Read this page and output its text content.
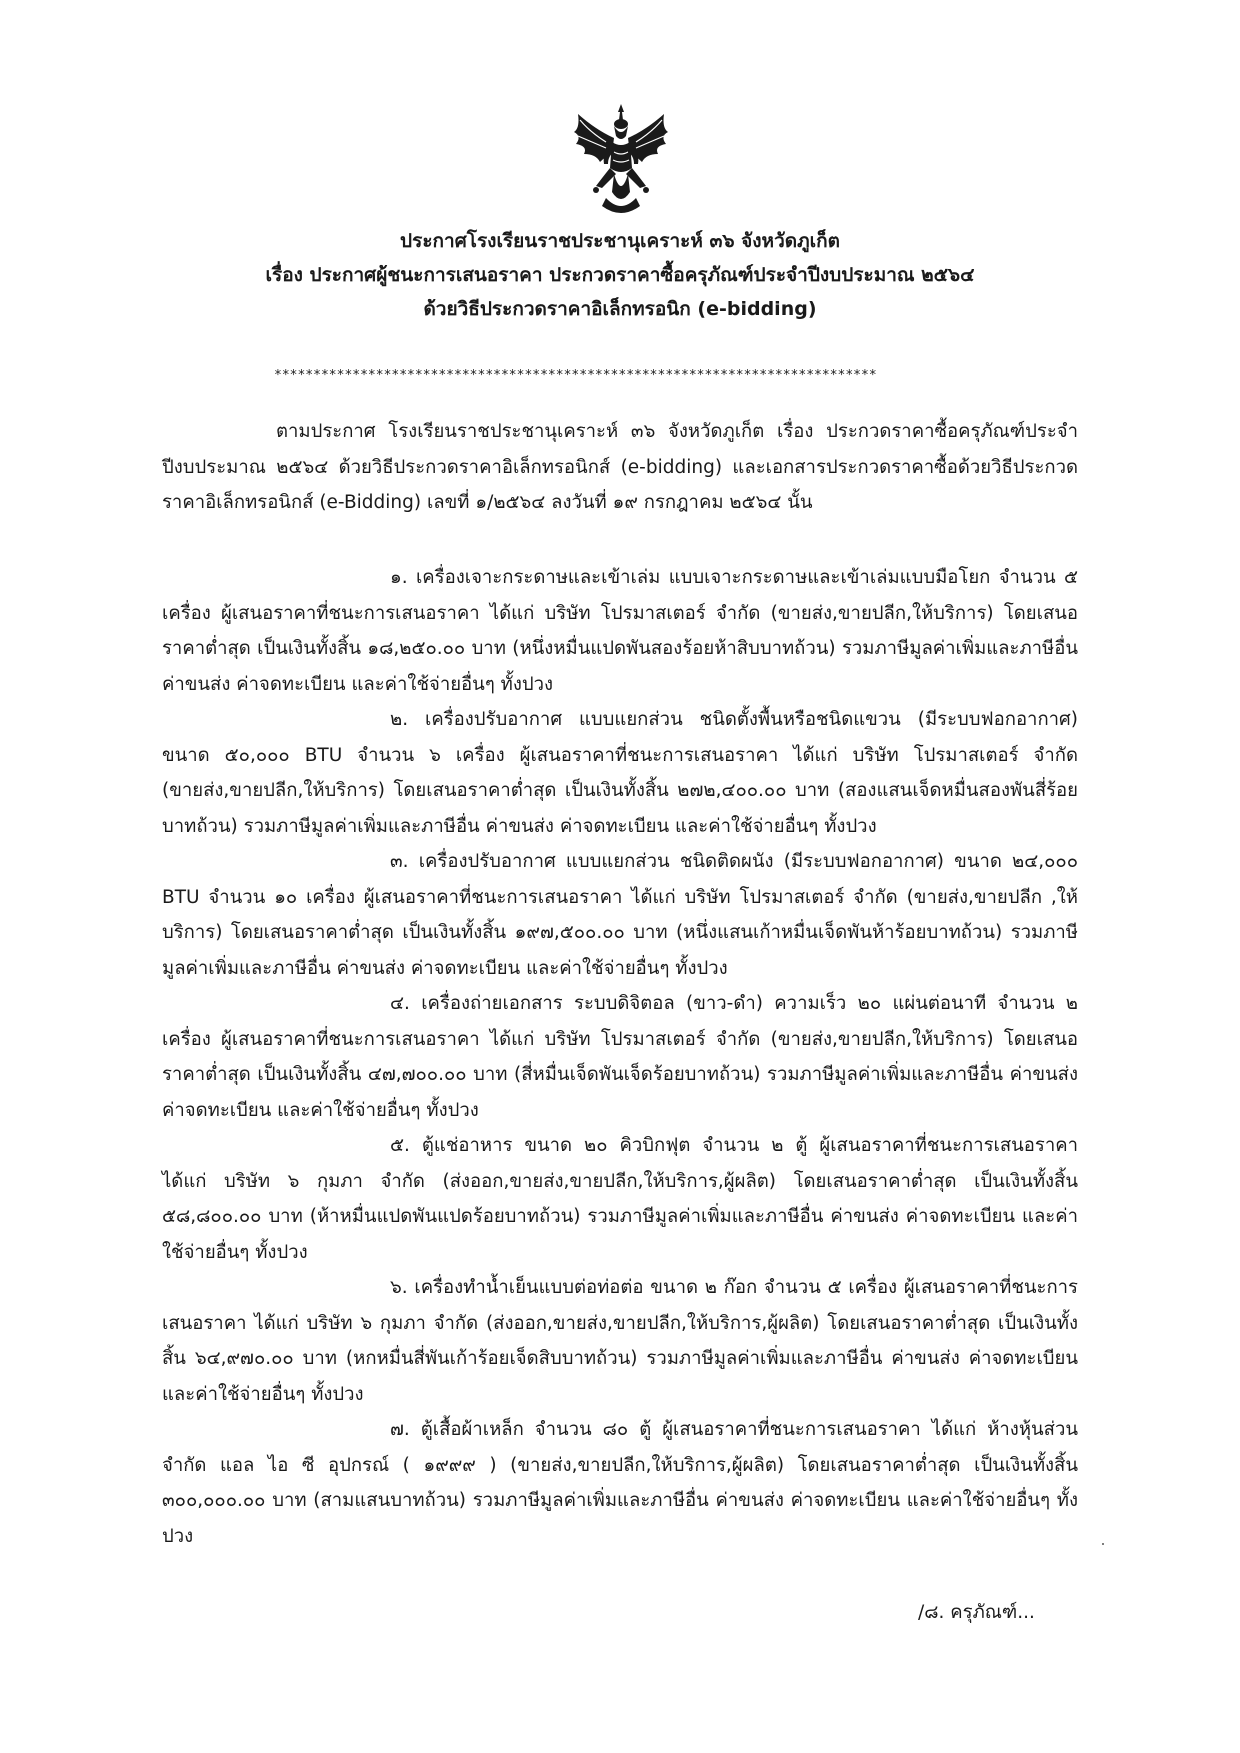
ประกาศโรงเรียนราชประชานุเคราะห์ ๓๖ จังหวัดภูเก็ต
เรื่อง ประกาศผู้ชนะการเสนอราคา ประกวดราคาซื้อครุภัณฑ์ประจำปีงบประมาณ ๒๕๖๔
ด้วยวิธีประกวดราคาอิเล็กทรอนิก (e-bidding)
*****************************************************************************

ตามประกาศ โรงเรียนราชประชานุเคราะห์ ๓๖ จังหวัดภูเก็ต เรื่อง ประกวดราคาซื้อครุภัณฑ์ประจำปีงบประมาณ ๒๕๖๔ ด้วยวิธีประกวดราคาอิเล็กทรอนิกส์ (e-bidding) และเอกสารประกวดราคาซื้อด้วยวิธีประกวดราคาอิเล็กทรอนิกส์ (e-Bidding) เลขที่ ๑/๒๕๖๔ ลงวันที่ ๑๙ กรกฎาคม ๒๕๖๔ นั้น

๑. เครื่องเจาะกระดาษและเข้าเล่ม แบบเจาะกระดาษและเข้าเล่มแบบมือโยก จำนวน ๕ เครื่อง ผู้เสนอราคาที่ชนะการเสนอราคา ได้แก่ บริษัท โปรมาสเตอร์ จำกัด (ขายส่ง,ขายปลีก,ให้บริการ) โดยเสนอราคาต่ำสุด เป็นเงินทั้งสิ้น ๑๘,๒๕๐.๐๐ บาท (หนึ่งหมื่นแปดพันสองร้อยห้าสิบบาทถ้วน) รวมภาษีมูลค่าเพิ่มและภาษีอื่น ค่าขนส่ง ค่าจดทะเบียน และค่าใช้จ่ายอื่นๆ ทั้งปวง

๒. เครื่องปรับอากาศ แบบแยกส่วน ชนิดตั้งพื้นหรือชนิดแขวน (มีระบบฟอกอากาศ) ขนาด ๕๐,๐๐๐ BTU จำนวน ๖ เครื่อง ผู้เสนอราคาที่ชนะการเสนอราคา ได้แก่ บริษัท โปรมาสเตอร์ จำกัด (ขายส่ง,ขายปลีก,ให้บริการ) โดยเสนอราคาต่ำสุด เป็นเงินทั้งสิ้น ๒๗๒,๔๐๐.๐๐ บาท (สองแสนเจ็ดหมื่นสองพันสี่ร้อยบาทถ้วน) รวมภาษีมูลค่าเพิ่มและภาษีอื่น ค่าขนส่ง ค่าจดทะเบียน และค่าใช้จ่ายอื่นๆ ทั้งปวง

๓. เครื่องปรับอากาศ แบบแยกส่วน ชนิดติดผนัง (มีระบบฟอกอากาศ) ขนาด ๒๔,๐๐๐ BTU จำนวน ๑๐ เครื่อง ผู้เสนอราคาที่ชนะการเสนอราคา ได้แก่ บริษัท โปรมาสเตอร์ จำกัด (ขายส่ง,ขายปลีก ,ให้บริการ) โดยเสนอราคาต่ำสุด เป็นเงินทั้งสิ้น ๑๙๗,๕๐๐.๐๐ บาท (หนึ่งแสนเก้าหมื่นเจ็ดพันห้าร้อยบาทถ้วน) รวมภาษีมูลค่าเพิ่มและภาษีอื่น ค่าขนส่ง ค่าจดทะเบียน และค่าใช้จ่ายอื่นๆ ทั้งปวง

๔. เครื่องถ่ายเอกสาร ระบบดิจิตอล (ขาว-ดำ) ความเร็ว ๒๐ แผ่นต่อนาที จำนวน ๒ เครื่อง ผู้เสนอราคาที่ชนะการเสนอราคา ได้แก่ บริษัท โปรมาสเตอร์ จำกัด (ขายส่ง,ขายปลีก,ให้บริการ) โดยเสนอราคาต่ำสุด เป็นเงินทั้งสิ้น ๔๗,๗๐๐.๐๐ บาท (สี่หมื่นเจ็ดพันเจ็ดร้อยบาทถ้วน) รวมภาษีมูลค่าเพิ่มและภาษีอื่น ค่าขนส่ง ค่าจดทะเบียน และค่าใช้จ่ายอื่นๆ ทั้งปวง

๕. ตู้แช่อาหาร ขนาด ๒๐ คิวบิกฟุต จำนวน ๒ ตู้ ผู้เสนอราคาที่ชนะการเสนอราคา ได้แก่ บริษัท ๖ กุมภา จำกัด (ส่งออก,ขายส่ง,ขายปลีก,ให้บริการ,ผู้ผลิต) โดยเสนอราคาต่ำสุด เป็นเงินทั้งสิ้น ๕๘,๘๐๐.๐๐ บาท (ห้าหมื่นแปดพันแปดร้อยบาทถ้วน) รวมภาษีมูลค่าเพิ่มและภาษีอื่น ค่าขนส่ง ค่าจดทะเบียน และค่าใช้จ่ายอื่นๆ ทั้งปวง

๖. เครื่องทำน้ำเย็นแบบต่อท่อต่อ ขนาด ๒ ก๊อก จำนวน ๕ เครื่อง ผู้เสนอราคาที่ชนะการเสนอราคา ได้แก่ บริษัท ๖ กุมภา จำกัด (ส่งออก,ขายส่ง,ขายปลีก,ให้บริการ,ผู้ผลิต) โดยเสนอราคาต่ำสุด เป็นเงินทั้งสิ้น ๖๔,๙๗๐.๐๐ บาท (หกหมื่นสี่พันเก้าร้อยเจ็ดสิบบาทถ้วน) รวมภาษีมูลค่าเพิ่มและภาษีอื่น ค่าขนส่ง ค่าจดทะเบียน และค่าใช้จ่ายอื่นๆ ทั้งปวง

๗. ตู้เสื้อผ้าเหล็ก จำนวน ๘๐ ตู้ ผู้เสนอราคาที่ชนะการเสนอราคา ได้แก่ ห้างหุ้นส่วนจำกัด แอล ไอ ซี อุปกรณ์ ( ๑๙๙๙ ) (ขายส่ง,ขายปลีก,ให้บริการ,ผู้ผลิต) โดยเสนอราคาต่ำสุด เป็นเงินทั้งสิ้น ๓๐๐,๐๐๐.๐๐ บาท (สามแสนบาทถ้วน) รวมภาษีมูลค่าเพิ่มและภาษีอื่น ค่าขนส่ง ค่าจดทะเบียน และค่าใช้จ่ายอื่นๆ ทั้งปวง

/๘. ครุภัณฑ์...
